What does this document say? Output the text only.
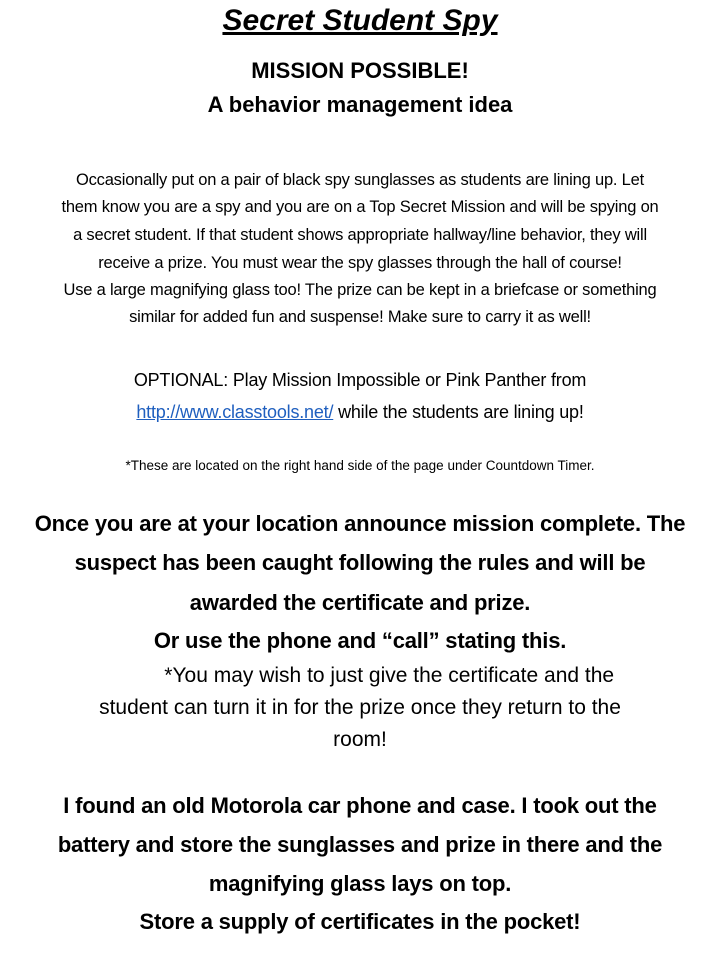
Secret Student Spy
MISSION POSSIBLE!
A behavior management idea
Occasionally put on a pair of black spy sunglasses as students are lining up. Let
them know you are a spy and you are on a Top Secret Mission and will be spying on
a secret student. If that student shows appropriate hallway/line behavior, they will
receive a prize. You must wear the spy glasses through the hall of course!
Use a large magnifying glass too! The prize can be kept in a briefcase or something
similar for added fun and suspense! Make sure to carry it as well!
OPTIONAL: Play Mission Impossible or Pink Panther from
http://www.classtools.net/ while the students are lining up!
*These are located on the right hand side of the page under Countdown Timer.
Once you are at your location announce mission complete. The
suspect has been caught following the rules and will be
awarded the certificate and prize.
Or use the phone and “call” stating this.
*You may wish to just give the certificate and the
student can turn it in for the prize once they return to the
room!
I found an old Motorola car phone and case. I took out the
battery and store the sunglasses and prize in there and the
magnifying glass lays on top.
Store a supply of certificates in the pocket!
